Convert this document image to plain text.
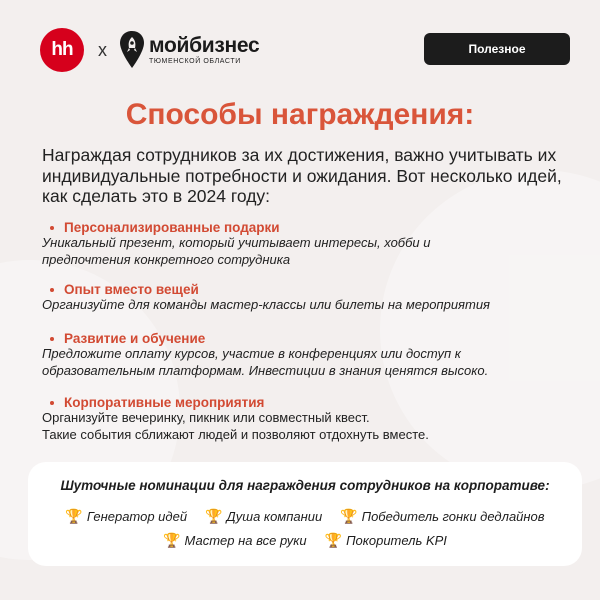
hh x мойбизнес
ТЮМЕНСКОЙ ОБЛАСТИ
Полезное
Способы награждения:
Награждая сотрудников за их достижения, важно учитывать их индивидуальные потребности и ожидания. Вот несколько идей, как сделать это в 2024 году:
Персонализированные подарки
Уникальный презент, который учитывает интересы, хобби и предпочтения конкретного сотрудника
Опыт вместо вещей
Организуйте для команды мастер-классы или билеты на мероприятия
Развитие и обучение
Предложите оплату курсов, участие в конференциях или доступ к образовательным платформам. Инвестиции в знания ценятся высоко.
Корпоративные мероприятия
Организуйте вечеринку, пикник или совместный квест.
Такие события сближают людей и позволяют отдохнуть вместе.
Шуточные номинации для награждения сотрудников на корпоративе:
🏆 Генератор идей 🏆 Душа компании 🏆 Победитель гонки дедлайнов
🏆 Мастер на все руки 🏆 Покоритель KPI
